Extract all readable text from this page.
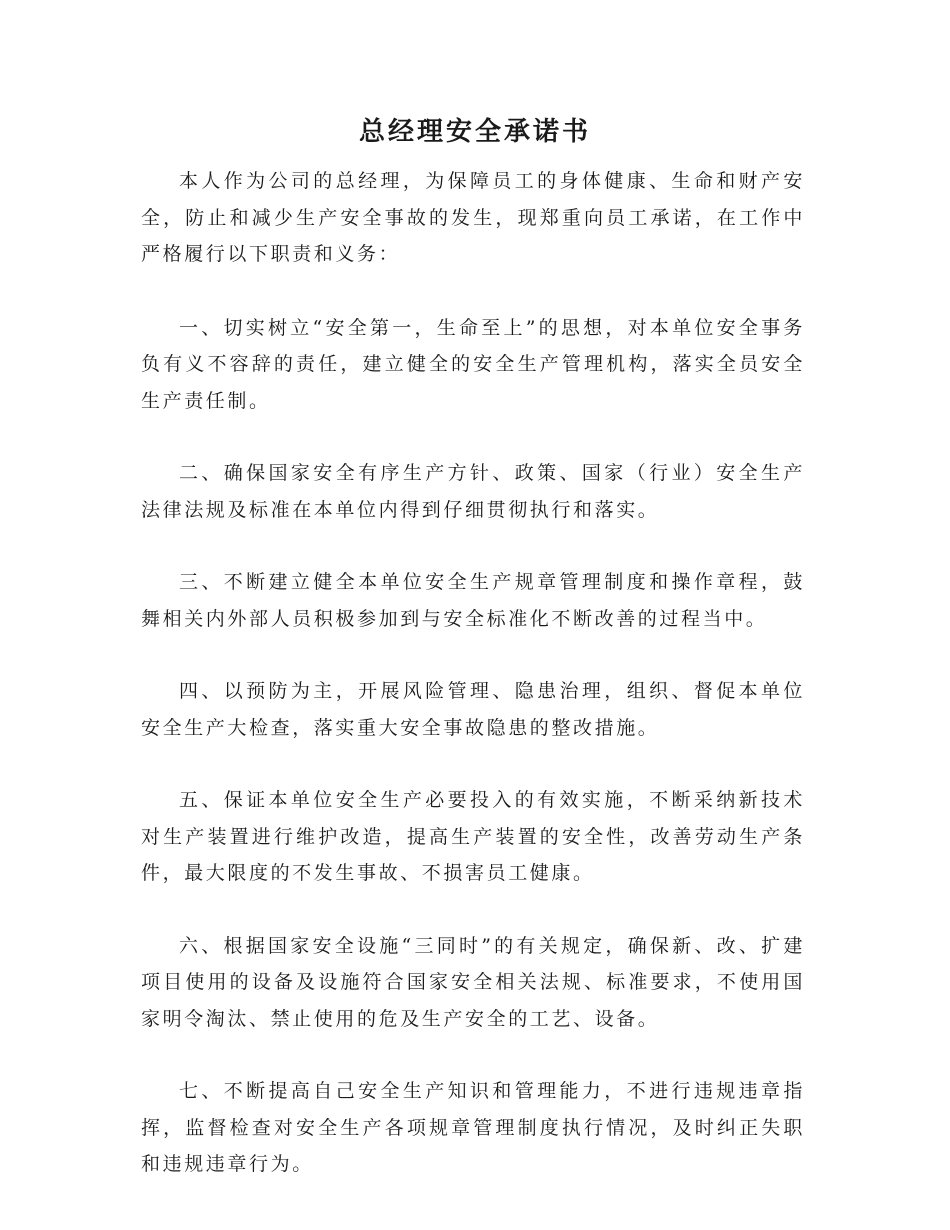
总经理安全承诺书

本人作为公司的总经理，为保障员工的身体健康、生命和财产安全，防止和减少生产安全事故的发生，现郑重向员工承诺，在工作中严格履行以下职责和义务：

一、切实树立“安全第一，生命至上”的思想，对本单位安全事务负有义不容辞的责任，建立健全的安全生产管理机构，落实全员安全生产责任制。

二、确保国家安全有序生产方针、政策、国家（行业）安全生产法律法规及标准在本单位内得到仔细贯彻执行和落实。

三、不断建立健全本单位安全生产规章管理制度和操作章程，鼓舞相关内外部人员积极参加到与安全标准化不断改善的过程当中。

四、以预防为主，开展风险管理、隐患治理，组织、督促本单位安全生产大检查，落实重大安全事故隐患的整改措施。

五、保证本单位安全生产必要投入的有效实施，不断采纳新技术对生产装置进行维护改造，提高生产装置的安全性，改善劳动生产条件，最大限度的不发生事故、不损害员工健康。

六、根据国家安全设施“三同时”的有关规定，确保新、改、扩建项目使用的设备及设施符合国家安全相关法规、标准要求，不使用国家明令淘汰、禁止使用的危及生产安全的工艺、设备。

七、不断提高自己安全生产知识和管理能力，不进行违规违章指挥，监督检查对安全生产各项规章管理制度执行情况，及时纠正失职和违规违章行为。
